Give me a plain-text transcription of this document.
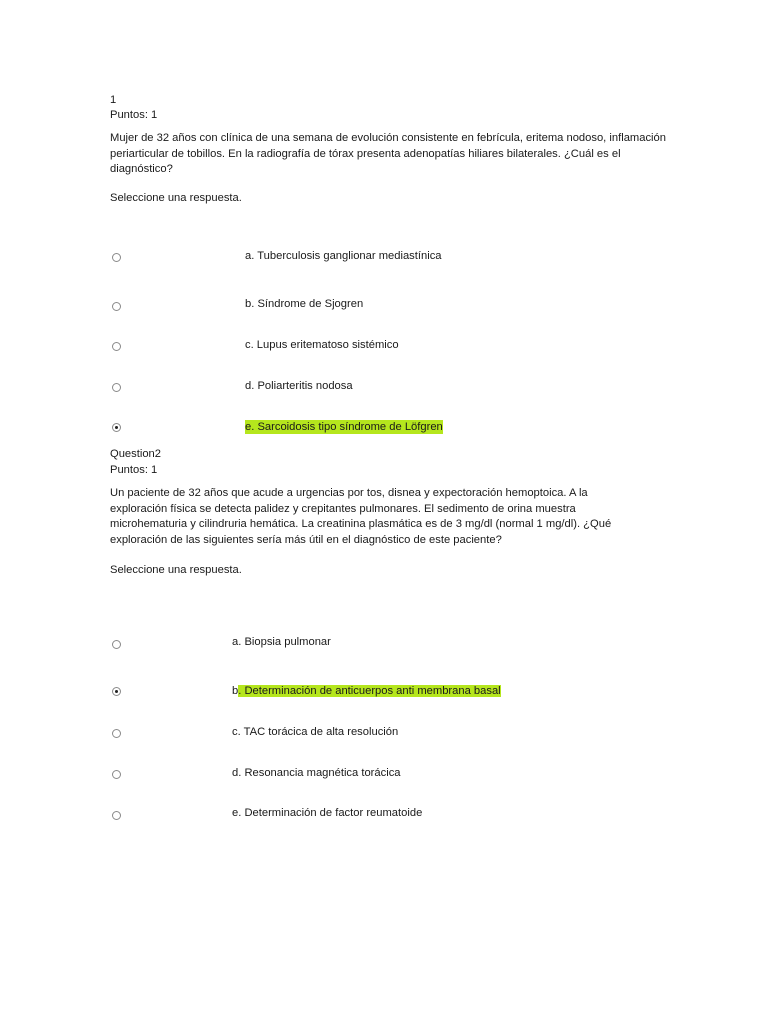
1
Puntos: 1
Mujer de 32 años con clínica de una semana de evolución consistente en febrícula, eritema nodoso, inflamación periarticular de tobillos. En la radiografía de tórax presenta adenopatías hiliares bilaterales. ¿Cuál es el diagnóstico?
Seleccione una respuesta.
a. Tuberculosis ganglionar mediastínica
b. Síndrome de Sjogren
c. Lupus eritematoso sistémico
d. Poliarteritis nodosa
e. Sarcoidosis tipo síndrome de Löfgren
Question2
Puntos: 1
Un paciente de 32 años que acude a urgencias por tos, disnea y expectoración hemoptoica. A la exploración física se detecta palidez y crepitantes pulmonares. El sedimento de orina muestra microhematuria y cilindruria hemática. La creatinina plasmática es de 3 mg/dl (normal 1 mg/dl). ¿Qué exploración de las siguientes sería más útil en el diagnóstico de este paciente?
Seleccione una respuesta.
a. Biopsia pulmonar
b. Determinación de anticuerpos anti membrana basal
c. TAC torácica de alta resolución
d. Resonancia magnética torácica
e. Determinación de factor reumatoide
